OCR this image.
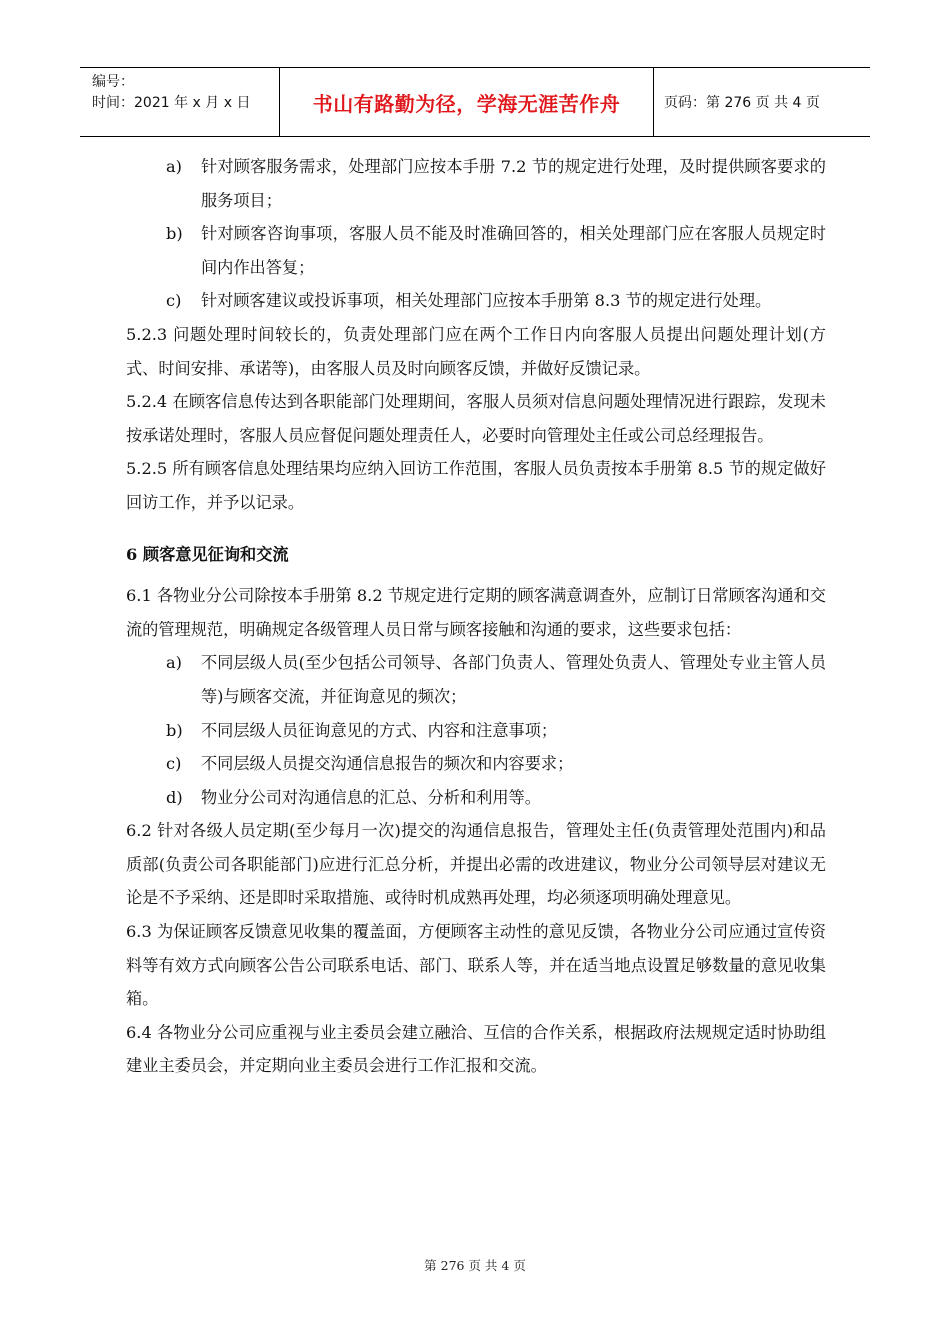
编号：
时间：2021 年 x 月 x 日	书山有路勤为径，学海无涯苦作舟	页码：第 276 页 共 4 页

a) 针对顾客服务需求，处理部门应按本手册 7.2 节的规定进行处理，及时提供顾客要求的服务项目；

b) 针对顾客咨询事项，客服人员不能及时准确回答的，相关处理部门应在客服人员规定时间内作出答复；

c) 针对顾客建议或投诉事项，相关处理部门应按本手册第 8.3 节的规定进行处理。

5.2.3 问题处理时间较长的，负责处理部门应在两个工作日内向客服人员提出问题处理计划(方式、时间安排、承诺等)，由客服人员及时向顾客反馈，并做好反馈记录。

5.2.4 在顾客信息传达到各职能部门处理期间，客服人员须对信息问题处理情况进行跟踪，发现未按承诺处理时，客服人员应督促问题处理责任人，必要时向管理处主任或公司总经理报告。

5.2.5 所有顾客信息处理结果均应纳入回访工作范围，客服人员负责按本手册第 8.5 节的规定做好回访工作，并予以记录。

6 顾客意见征询和交流

6.1 各物业分公司除按本手册第 8.2 节规定进行定期的顾客满意调查外，应制订日常顾客沟通和交流的管理规范，明确规定各级管理人员日常与顾客接触和沟通的要求，这些要求包括：

a) 不同层级人员(至少包括公司领导、各部门负责人、管理处负责人、管理处专业主管人员等)与顾客交流，并征询意见的频次；

b) 不同层级人员征询意见的方式、内容和注意事项；

c) 不同层级人员提交沟通信息报告的频次和内容要求；

d) 物业分公司对沟通信息的汇总、分析和利用等。

6.2 针对各级人员定期(至少每月一次)提交的沟通信息报告，管理处主任(负责管理处范围内)和品质部(负责公司各职能部门)应进行汇总分析，并提出必需的改进建议，物业分公司领导层对建议无论是不予采纳、还是即时采取措施、或待时机成熟再处理，均必须逐项明确处理意见。

6.3 为保证顾客反馈意见收集的覆盖面，方便顾客主动性的意见反馈，各物业分公司应通过宣传资料等有效方式向顾客公告公司联系电话、部门、联系人等，并在适当地点设置足够数量的意见收集箱。

6.4 各物业分公司应重视与业主委员会建立融洽、互信的合作关系，根据政府法规规定适时协助组建业主委员会，并定期向业主委员会进行工作汇报和交流。

第 276 页 共 4 页
